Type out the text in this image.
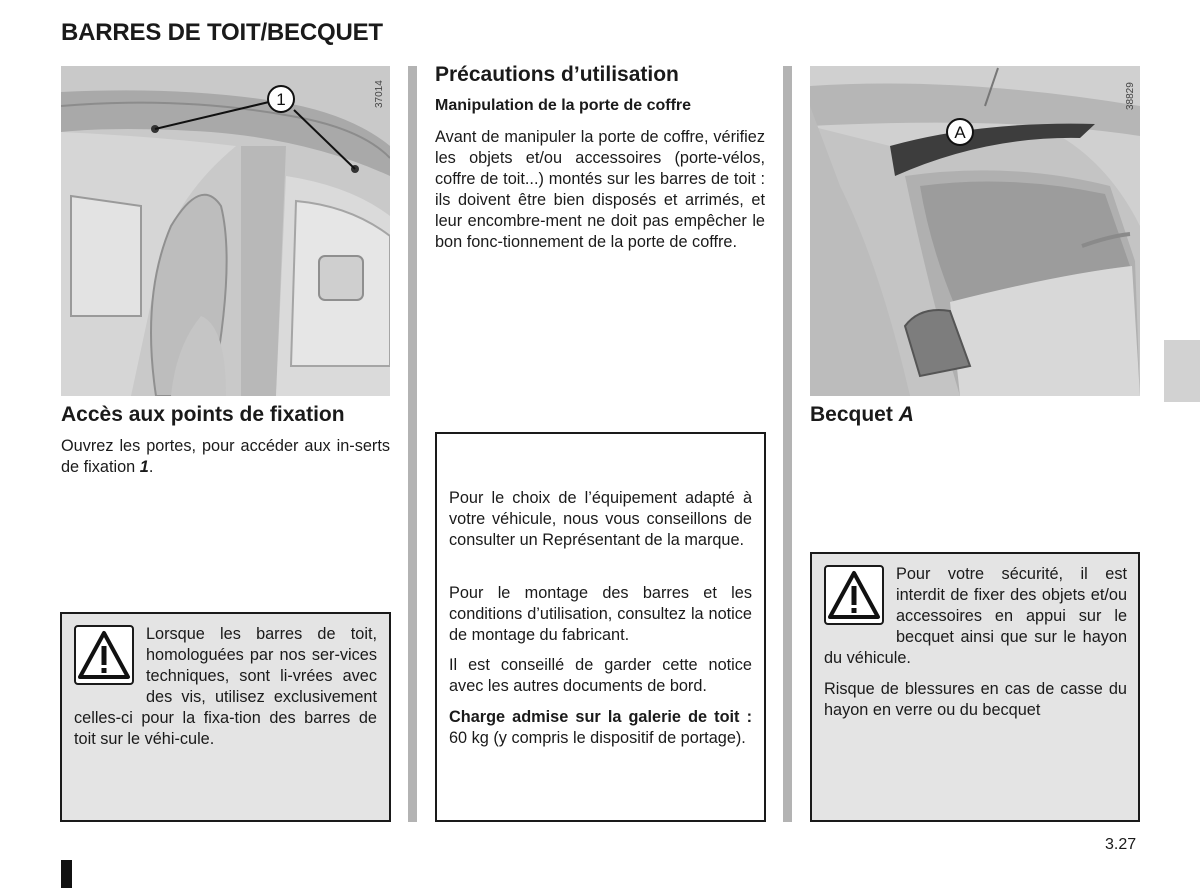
BARRES DE TOIT/BECQUET
1	37014
A
38829
Accès aux points de fixation

Ouvrez les portes, pour accéder aux in-serts de fixation 1.

Lorsque les barres de toit, homologuées par nos ser-vices techniques, sont li-vrées avec des vis, utilisez exclusivement celles-ci pour la fixa-tion des barres de toit sur le véhi-cule.

Précautions d’utilisation
Manipulation de la porte de coffre

Avant de manipuler la porte de coffre, vérifiez les objets et/ou accessoires (porte-vélos, coffre de toit...) montés sur les barres de toit : ils doivent être bien disposés et arrimés, et leur encombre-ment ne doit pas empêcher le bon fonc-tionnement de la porte de coffre.

Pour le choix de l’équipement adapté à votre véhicule, nous vous conseillons de consulter un Représentant de la marque.

Pour le montage des barres et les conditions d’utilisation, consultez la notice de montage du fabricant.

Il est conseillé de garder cette notice avec les autres documents de bord.

Charge admise sur la galerie de toit : 60 kg (y compris le dispositif de portage).

Becquet A

Pour votre sécurité, il est interdit de fixer des objets et/ou accessoires en appui sur le becquet ainsi que sur le hayon du véhicule.

Risque de blessures en cas de casse du hayon en verre ou du becquet

3.27
